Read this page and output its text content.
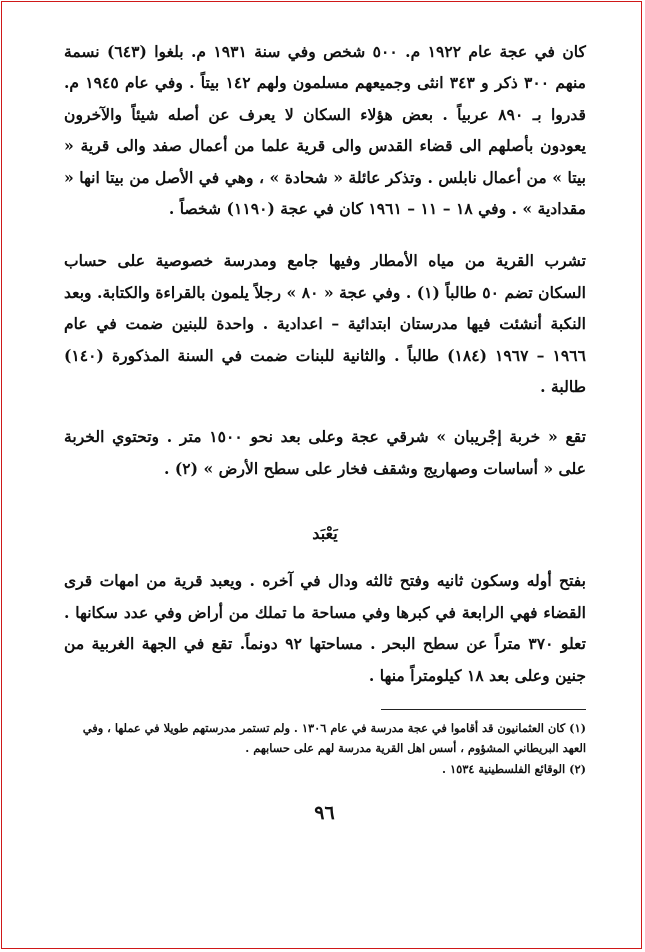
كان في عجة عام ١٩٢٢ م. ٥٠٠ شخص وفي سنة ١٩٣١ م. بلغوا (٦٤٣) نسمة منهم ٣٠٠ ذكر و ٣٤٣ انثى وجميعهم مسلمون ولهم ١٤٢ بيتاً . وفي عام ١٩٤٥ م. قدروا بـ ٨٩٠ عربياً . بعض هؤلاء السكان لا يعرف عن أصله شيئاً والآخرون يعودون بأصلهم الى قضاء القدس والى قرية علما من أعمال صفد والى قرية « بيتا » من أعمال نابلس . وتذكر عائلة « شحادة » ، وهي في الأصل من بيتا انها « مقدادية » . وفي ١٨ – ١١ – ١٩٦١ كان في عجة (١١٩٠) شخصاً .

تشرب القرية من مياه الأمطار وفيها جامع ومدرسة خصوصية على حساب السكان تضم ٥٠ طالباً (١) . وفي عجة « ٨٠ » رجلاً يلمون بالقراءة والكتابة. وبعد النكبة أنشئت فيها مدرستان ابتدائية – اعدادية . واحدة للبنين ضمت في عام ١٩٦٦ – ١٩٦٧ (١٨٤) طالباً . والثانية للبنات ضمت في السنة المذكورة (١٤٠) طالبة .

تقع « خربة إجْريبان » شرقي عجة وعلى بعد نحو ١٥٠٠ متر . وتحتوي الخربة على « أساسات وصهاريج وشقف فخار على سطح الأرض » (٢) .

يَعْبَد

بفتح أوله وسكون ثانيه وفتح ثالثه ودال في آخره . ويعبد قرية من امهات قرى القضاء فهي الرابعة في كبرها وفي مساحة ما تملك من أراض وفي عدد سكانها . تعلو ٣٧٠ متراً عن سطح البحر . مساحتها ٩٢ دونماً. تقع في الجهة الغربية من جنين وعلى بعد ١٨ كيلومتراً منها .

(١) كان العثمانيون قد أقاموا في عجة مدرسة في عام ١٣٠٦ . ولم تستمر مدرستهم طويلا في عملها ، وفي العهد البريطاني المشؤوم ، أسس اهل القرية مدرسة لهم على حسابهم .

(٢) الوقائع الفلسطينية ١٥٣٤ .

٩٦
